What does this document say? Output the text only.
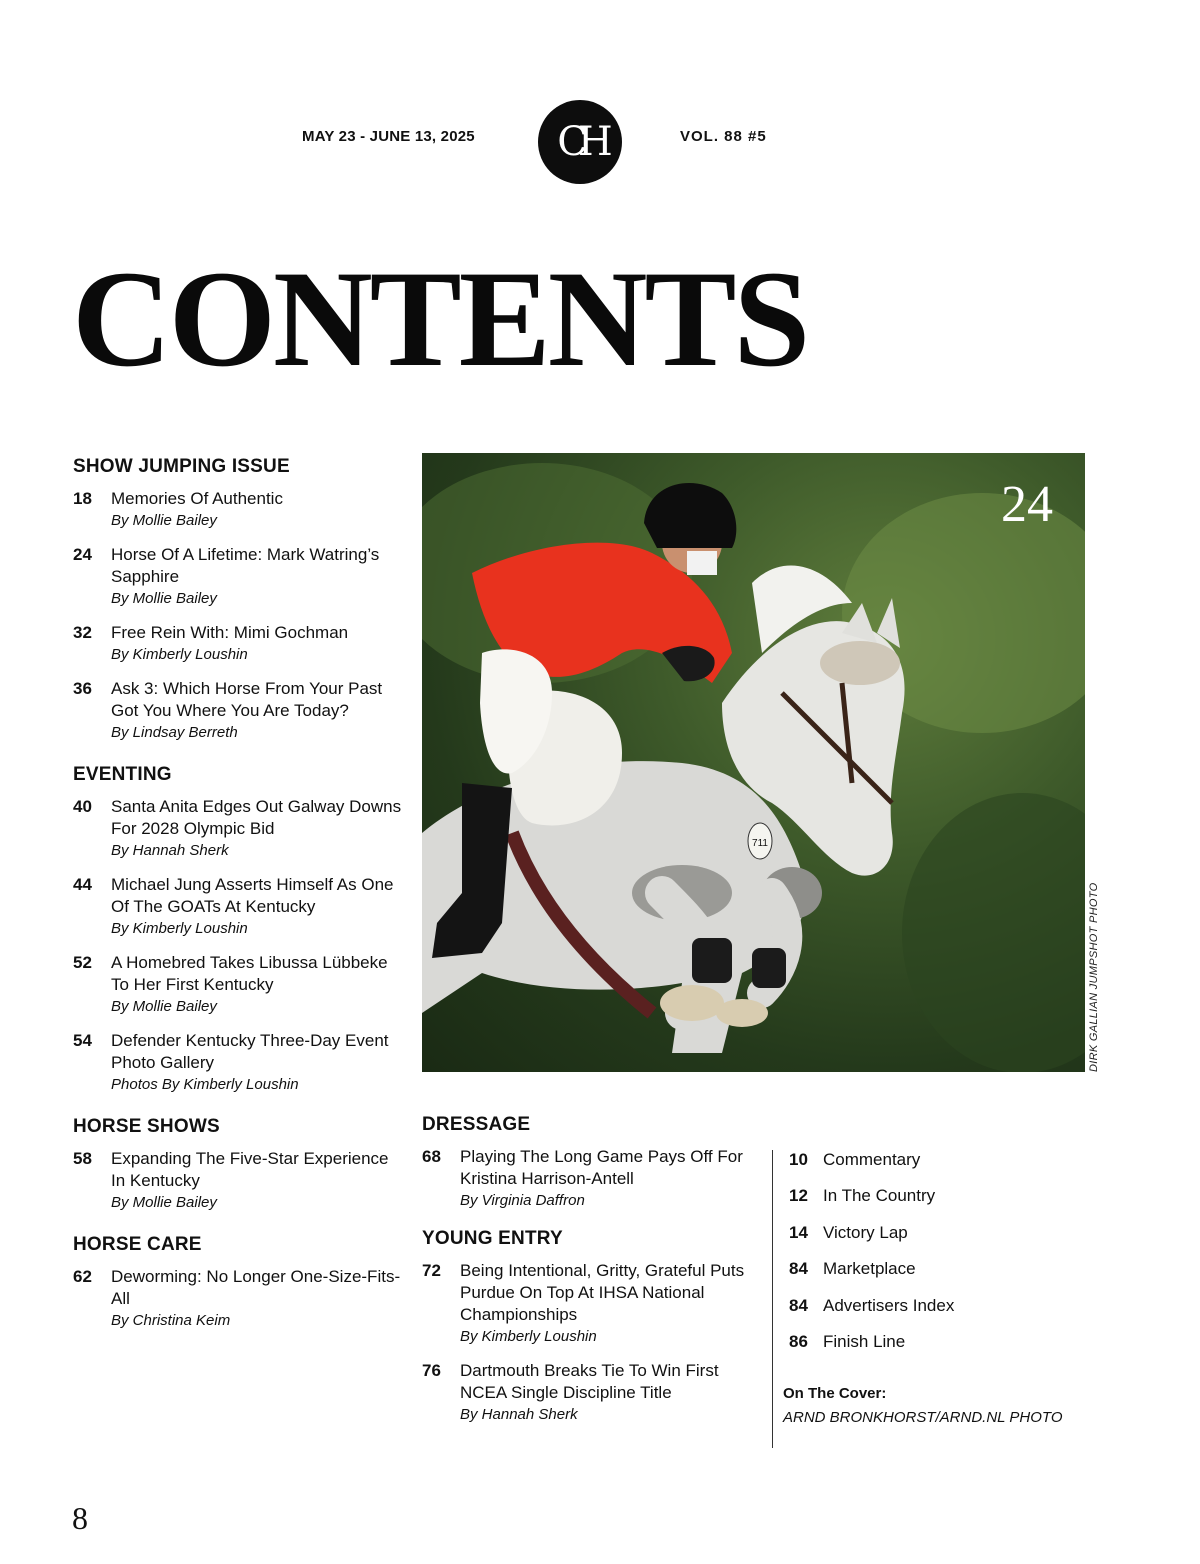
MAY 23 - JUNE 13, 2025 CH	VOL. 88 #5
CONTENTS
SHOW JUMPING ISSUE
18	Memories Of Authentic
By Mollie Bailey
24	Horse Of A Lifetime: Mark Watring’s Sapphire
By Mollie Bailey
32	Free Rein With: Mimi Gochman
By Kimberly Loushin
36	Ask 3: Which Horse From Your Past Got You Where You Are Today?
By Lindsay Berreth
EVENTING
40	Santa Anita Edges Out Galway Downs For 2028 Olympic Bid
By Hannah Sherk
44	Michael Jung Asserts Himself As One Of The GOATs At Kentucky
By Kimberly Loushin
52	A Homebred Takes Libussa Lübbeke To Her First Kentucky
By Mollie Bailey
54	Defender Kentucky Three-Day Event Photo Gallery
Photos By Kimberly Loushin
HORSE SHOWS
58	Expanding The Five-Star Experience In Kentucky
By Mollie Bailey
HORSE CARE
62	Deworming: No Longer One-Size-Fits-All
By Christina Keim
711
24
DIRK GALLIAN JUMPSHOT PHOTO
DRESSAGE
68	Playing The Long Game Pays Off For Kristina Harrison-Antell
By Virginia Daffron
YOUNG ENTRY
72	Being Intentional, Gritty, Grateful Puts Purdue On Top At IHSA National Championships
By Kimberly Loushin
76	Dartmouth Breaks Tie To Win First NCEA Single Discipline Title
By Hannah Sherk
10 Commentary
12 In The Country
14 Victory Lap
84 Marketplace
84 Advertisers Index
86 Finish Line
On The Cover:
ARND BRONKHORST/ARND.NL PHOTO
8
